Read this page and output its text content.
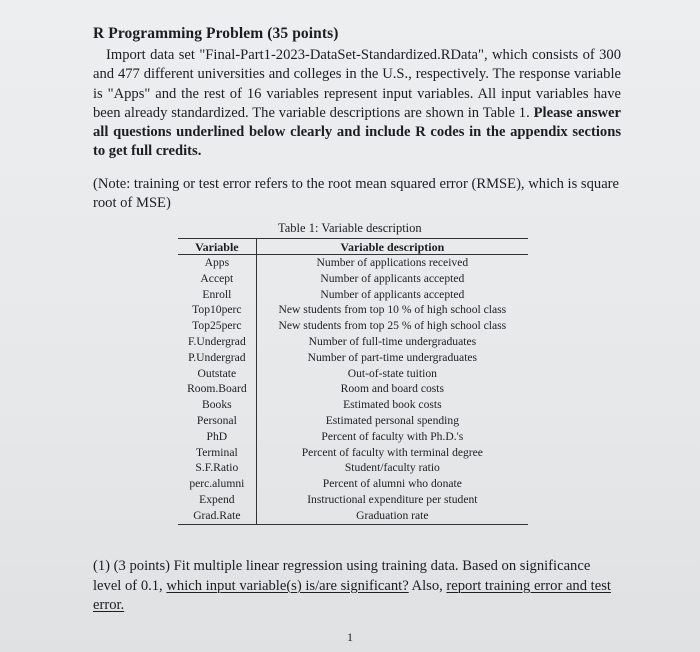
R Programming Problem (35 points)
Import data set "Final-Part1-2023-DataSet-Standardized.RData", which consists of 300 and 477 different universities and colleges in the U.S., respectively. The response variable is "Apps" and the rest of 16 variables represent input variables. All input variables have been already standardized. The variable descriptions are shown in Table 1. Please answer all questions underlined below clearly and include R codes in the appendix sections to get full credits.
(Note: training or test error refers to the root mean squared error (RMSE), which is square root of MSE)
Table 1: Variable description
Variable	Variable description
Apps	Number of applications received
Accept	Number of applicants accepted
Enroll	Number of applicants accepted
Top10perc	New students from top 10 % of high school class
Top25perc	New students from top 25 % of high school class
F.Undergrad	Number of full-time undergraduates
P.Undergrad	Number of part-time undergraduates
Outstate	Out-of-state tuition
Room.Board	Room and board costs
Books	Estimated book costs
Personal	Estimated personal spending
PhD	Percent of faculty with Ph.D.'s
Terminal	Percent of faculty with terminal degree
S.F.Ratio	Student/faculty ratio
perc.alumni	Percent of alumni who donate
Expend	Instructional expenditure per student
Grad.Rate	Graduation rate
(1) (3 points) Fit multiple linear regression using training data. Based on significance level of 0.1, which input variable(s) is/are significant? Also, report training error and test error.
1
